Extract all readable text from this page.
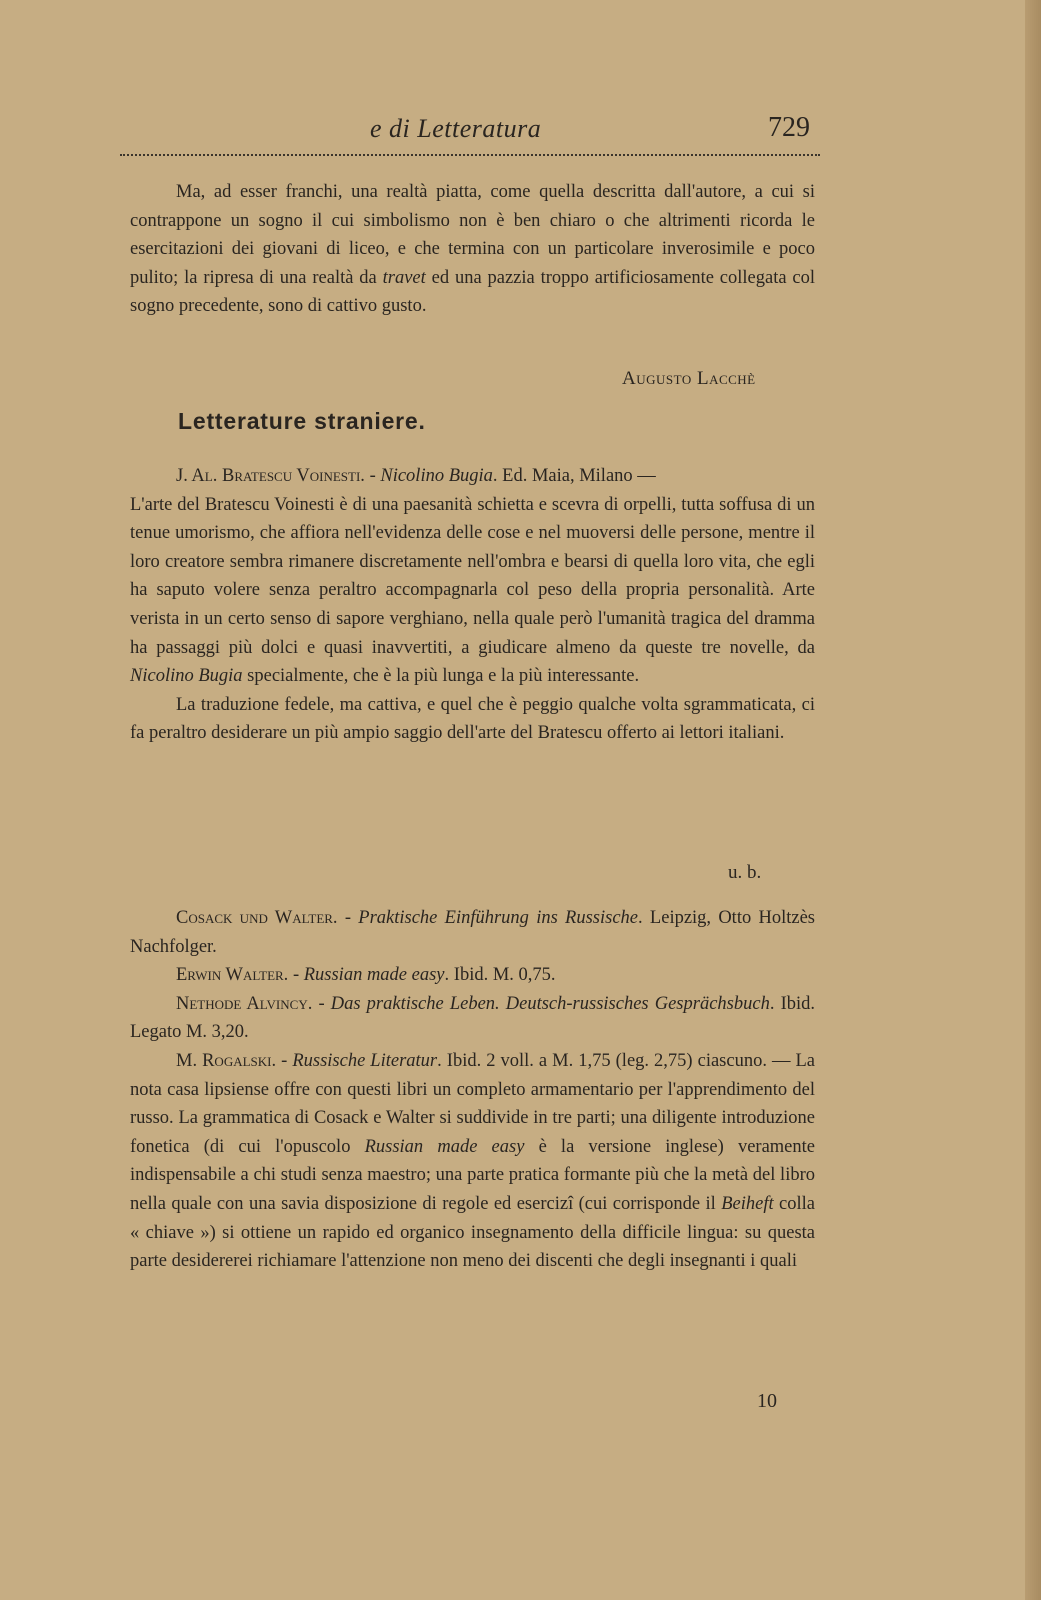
e di Letteratura	729

Ma, ad esser franchi, una realtà piatta, come quella descritta dall'autore, a cui si contrappone un sogno il cui simbolismo non è ben chiaro o che altrimenti ricorda le esercitazioni dei giovani di liceo, e che termina con un particolare inverosimile e poco pulito; la ripresa di una realtà da travet ed una pazzia troppo artificiosamente collegata col sogno precedente, sono di cattivo gusto.

Augusto Lacchè
Letterature straniere.

J. Al. Bratescu Voinesti. - Nicolino Bugia. Ed. Maia, Milano —

L'arte del Bratescu Voinesti è di una paesanità schietta e scevra di orpelli, tutta soffusa di un tenue umorismo, che affiora nell'evidenza delle cose e nel muoversi delle persone, mentre il loro creatore sembra rimanere discretamente nell'ombra e bearsi di quella loro vita, che egli ha saputo volere senza peraltro accompagnarla col peso della propria personalità. Arte verista in un certo senso di sapore verghiano, nella quale però l'umanità tragica del dramma ha passaggi più dolci e quasi inavvertiti, a giudicare almeno da queste tre novelle, da Nicolino Bugia specialmente, che è la più lunga e la più interessante.

La traduzione fedele, ma cattiva, e quel che è peggio qualche volta sgrammaticata, ci fa peraltro desiderare un più ampio saggio dell'arte del Bratescu offerto ai lettori italiani.

u. b.

Cosack und Walter. - Praktische Einführung ins Russische. Leipzig, Otto Holtzès Nachfolger.

Erwin Walter. - Russian made easy. Ibid. M. 0,75.

Nethode Alvincy. - Das praktische Leben. Deutsch-russisches Gesprächsbuch. Ibid. Legato M. 3,20.

M. Rogalski. - Russische Literatur. Ibid. 2 voll. a M. 1,75 (leg. 2,75) ciascuno. — La nota casa lipsiense offre con questi libri un completo armamentario per l'apprendimento del russo. La grammatica di Cosack e Walter si suddivide in tre parti; una diligente introduzione fonetica (di cui l'opuscolo Russian made easy è la versione inglese) veramente indispensabile a chi studi senza maestro; una parte pratica formante più che la metà del libro nella quale con una savia disposizione di regole ed esercizî (cui corrisponde il Beiheft colla « chiave ») si ottiene un rapido ed organico insegnamento della difficile lingua: su questa parte desidererei richiamare l'attenzione non meno dei discenti che degli insegnanti i quali

10
